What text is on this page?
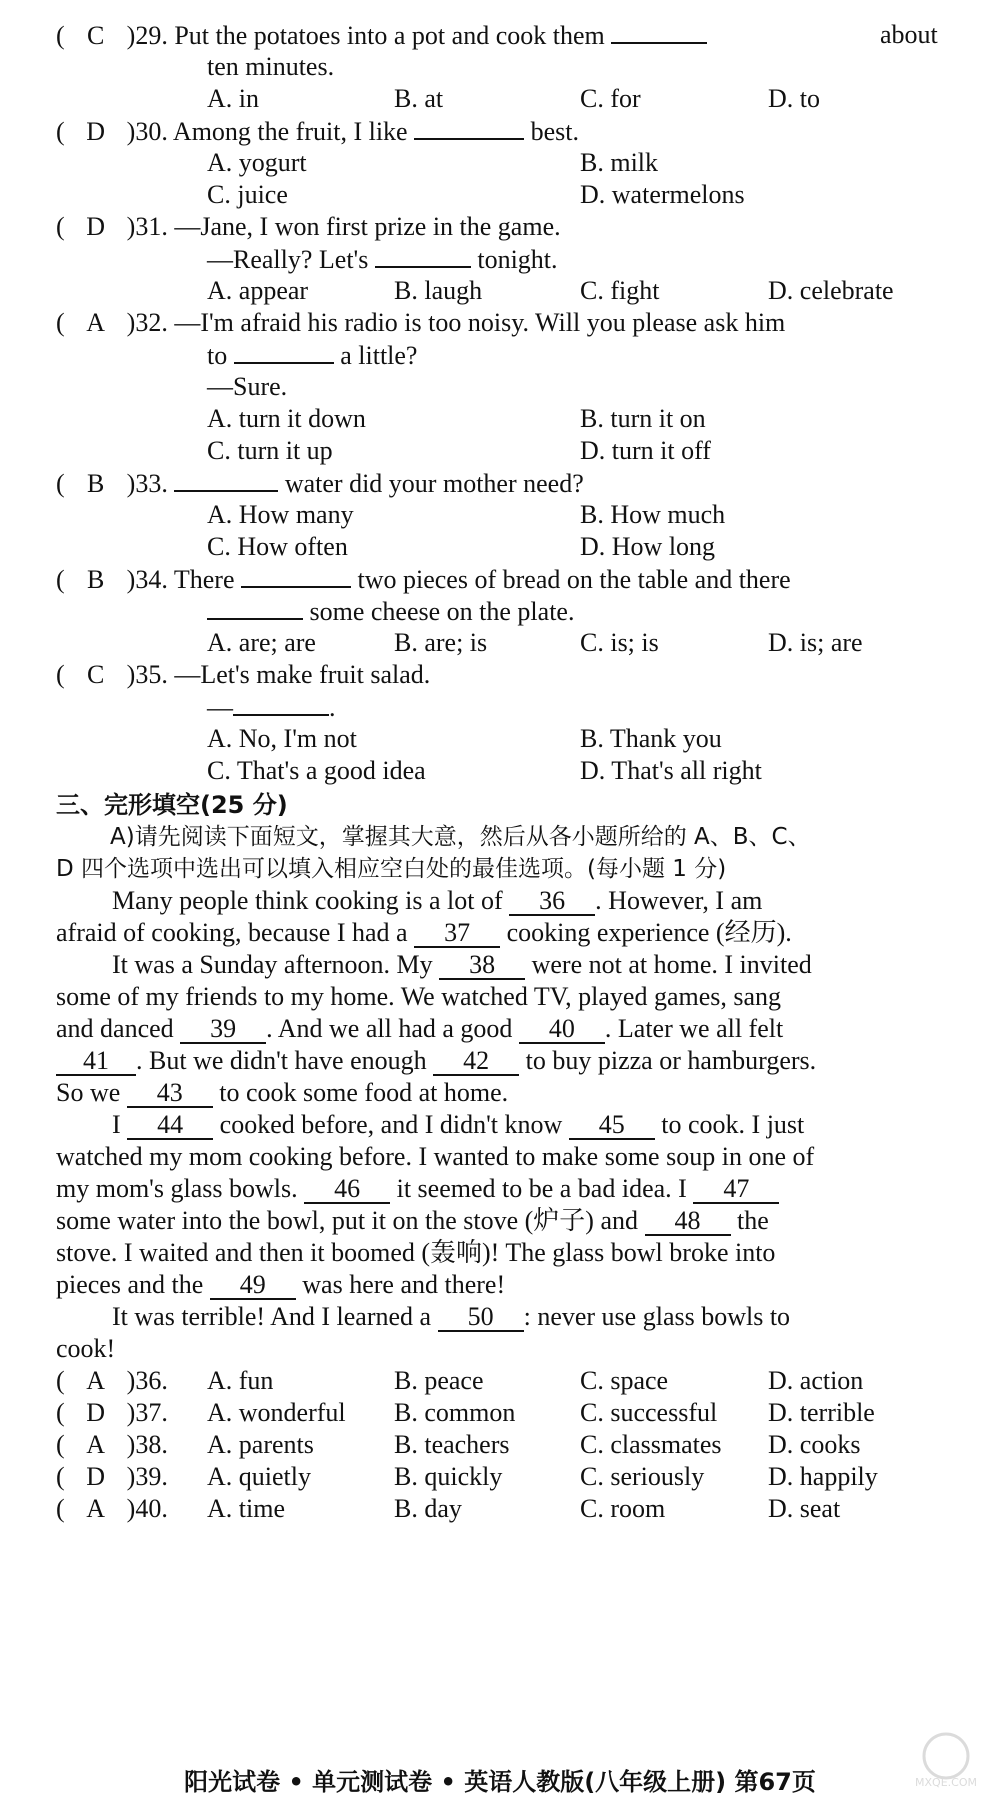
( C )29. Put the potatoes into a pot and cook them	about
ten minutes.
A. in	B. at	C. for	D. to
( D )30. Among the fruit, I like	best.
A. yogurt	B. milk
C. juice	D. watermelons
( D )31. —Jane, I won first prize in the game.
—Really? Let's	tonight.
A. appear	B. laugh	C. fight	D. celebrate
( A )32. —I'm afraid his radio is too noisy. Will you please ask him
to	a little?
—Sure.
A. turn it down	B. turn it on
C. turn it up	D. turn it off
( B )33.	water did your mother need?
A. How many	B. How much
C. How often	D. How long
( B )34. There	two pieces of bread on the table and there
some cheese on the plate.
A. are; are	B. are; is	C. is; is	D. is; are
( C )35. —Let's make fruit salad.
—	.
A. No, I'm not	B. Thank you
C. That's a good idea	D. That's all right
三、完形填空(25 分)
A)请先阅读下面短文，掌握其大意，然后从各小题所给的 A、B、C、
D 四个选项中选出可以填入相应空白处的最佳选项。(每小题 1 分)
Many people think cooking is a lot of 36 . However, I am
afraid of cooking, because I had a 37 cooking experience (经历).
It was a Sunday afternoon. My 38 were not at home. I invited
some of my friends to my home. We watched TV, played games, sang
and danced 39 . And we all had a good 40 . Later we all felt
41 . But we didn't have enough 42 to buy pizza or hamburgers.
So we 43 to cook some food at home.
I 44 cooked before, and I didn't know 45 to cook. I just
watched my mom cooking before. I wanted to make some soup in one of
my mom's glass bowls. 46 it seemed to be a bad idea. I 47
some water into the bowl, put it on the stove (炉子) and 48 the
stove. I waited and then it boomed (轰响)! The glass bowl broke into
pieces and the 49 was here and there!
It was terrible! And I learned a 50 : never use glass bowls to
cook!
( A )36. A. fun	B. peace	C. space	D. action
( D )37. A. wonderful B. common C. successful D. terrible
( A )38. A. parents	B. teachers	C. classmates D. cooks
( D )39. A. quietly	B. quickly	C. seriously D. happily
( A )40. A. time	B. day	C. room	D. seat
阳光试卷 • 单元测试卷 • 英语人教版(八年级上册) 第67页	MXQE.COM
